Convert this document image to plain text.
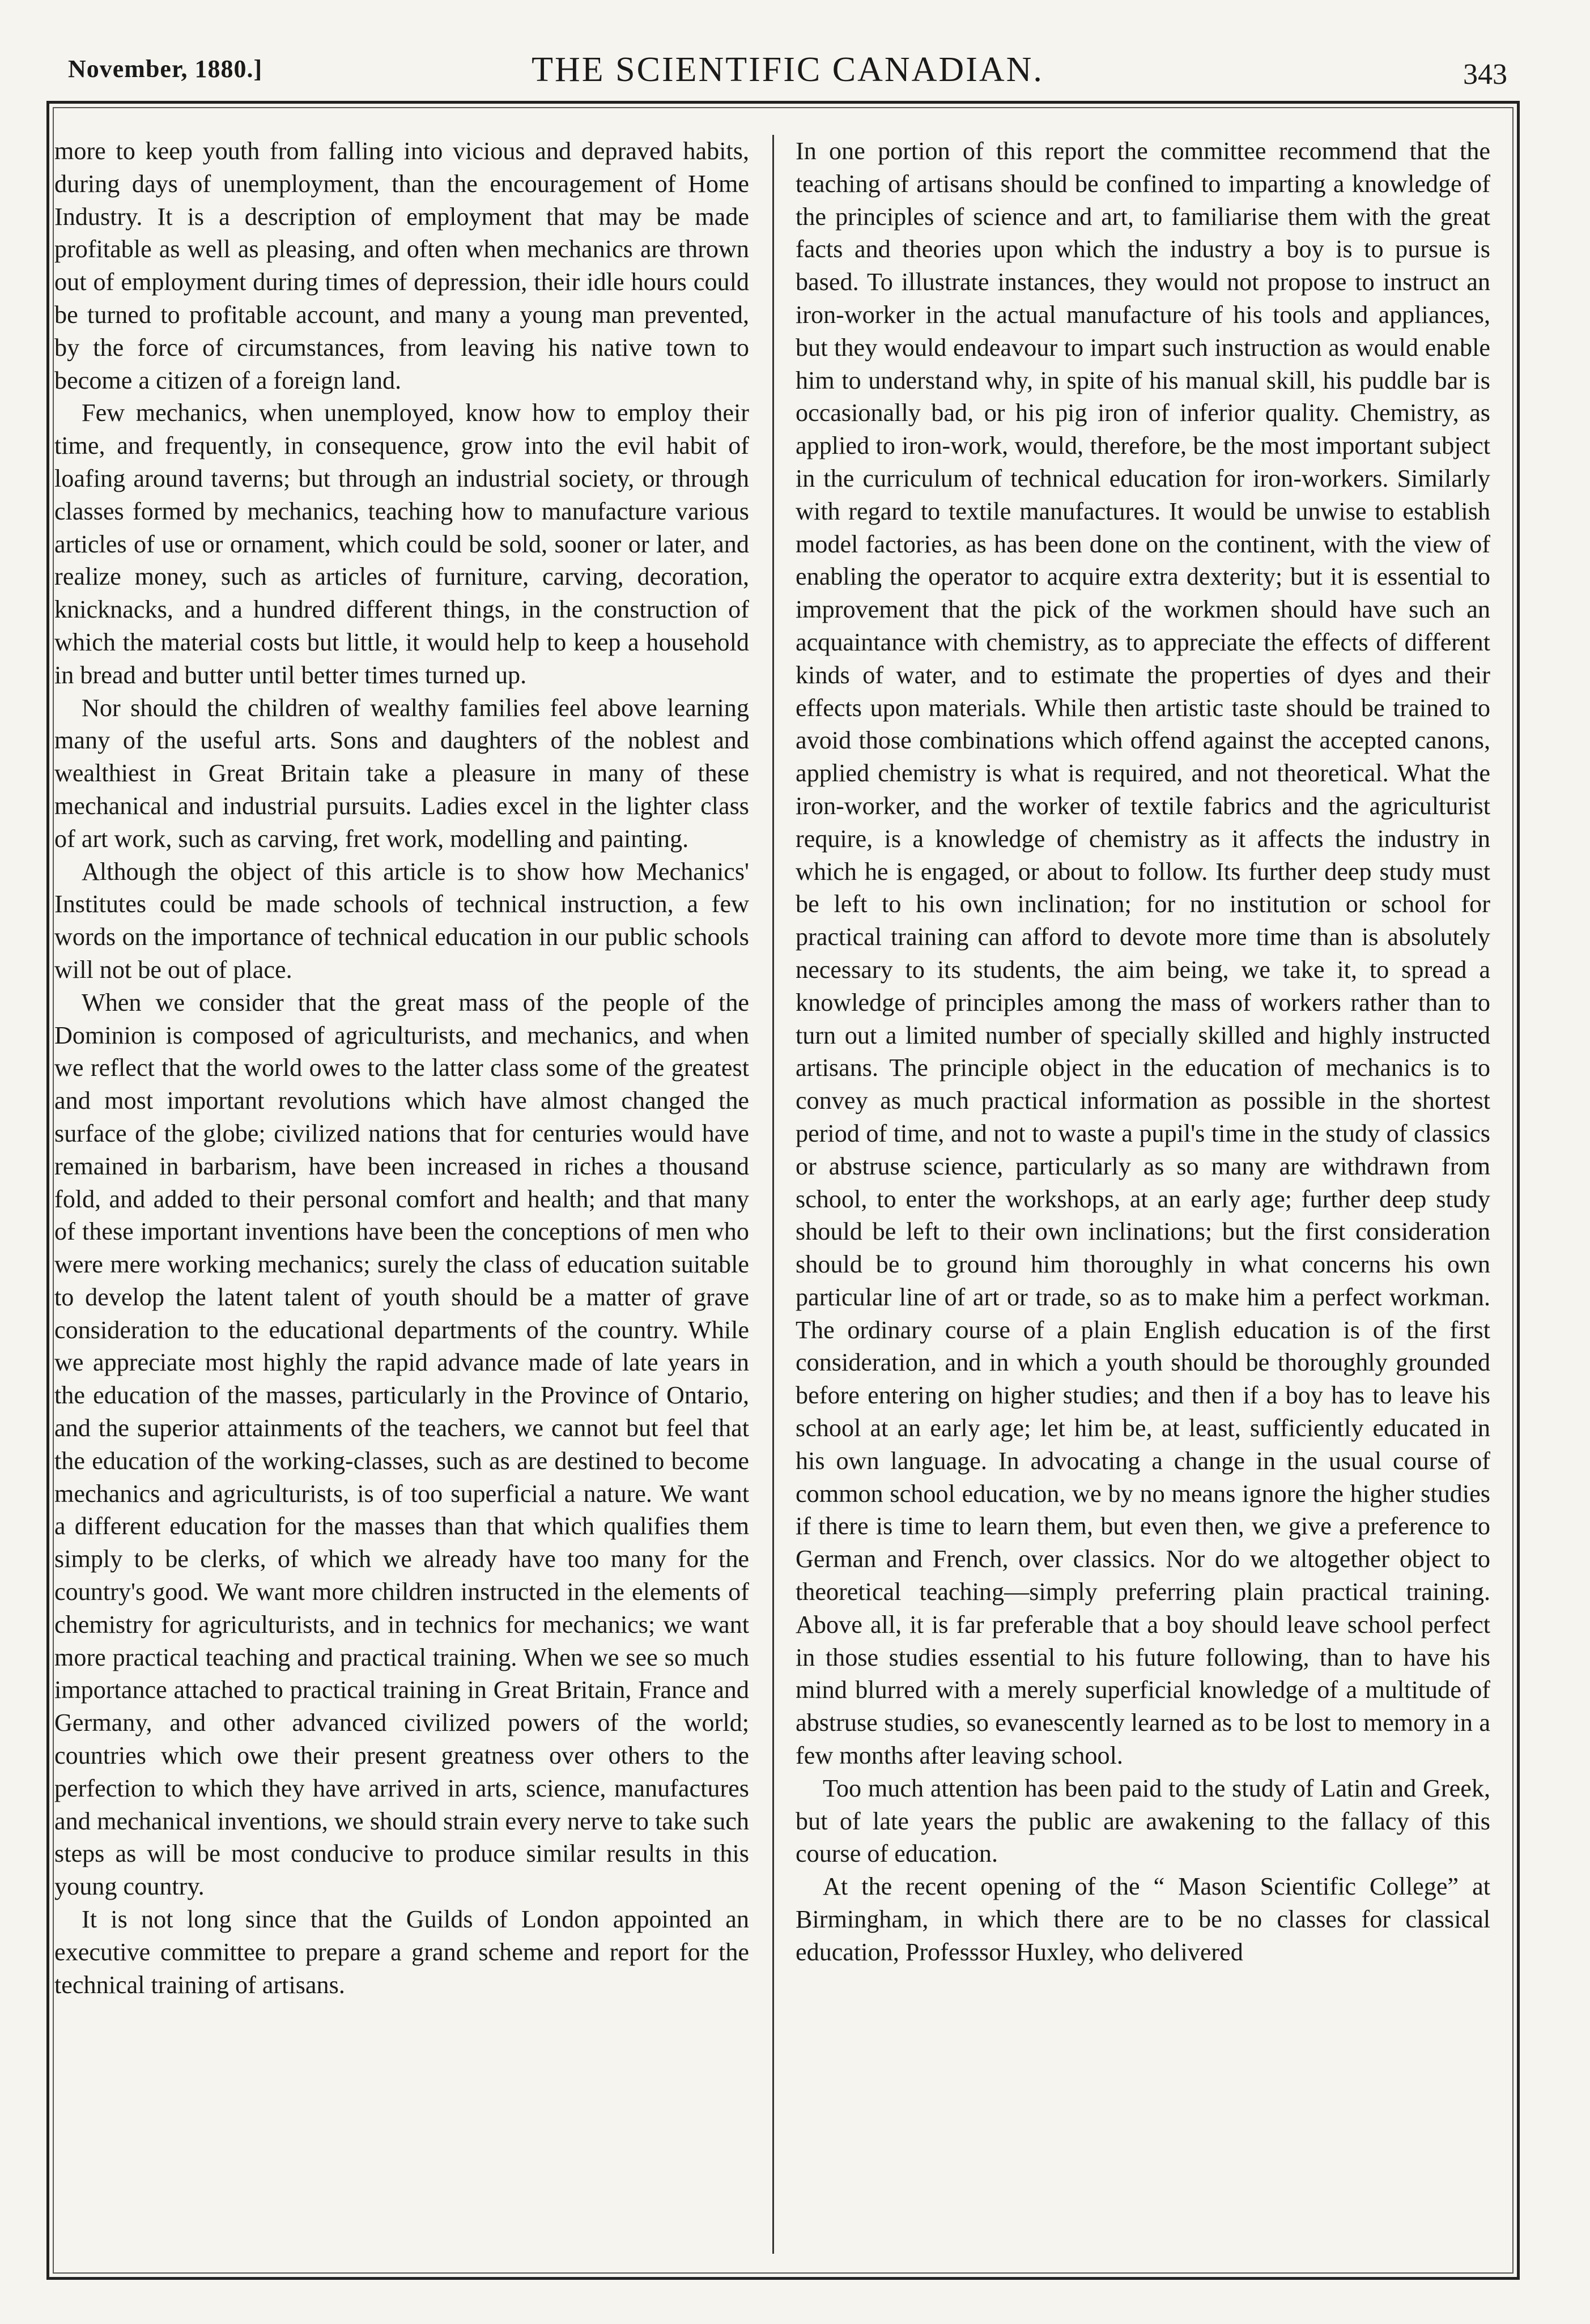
November, 1880.]	THE SCIENTIFIC CANADIAN.	343

more to keep youth from falling into vicious and depraved habits, during days of unemployment, than the encouragement of Home Industry. It is a description of employment that may be made profitable as well as pleasing, and often when mechanics are thrown out of employment during times of depression, their idle hours could be turned to profitable account, and many a young man prevented, by the force of circumstances, from leaving his native town to become a citizen of a foreign land.

Few mechanics, when unemployed, know how to employ their time, and frequently, in consequence, grow into the evil habit of loafing around taverns; but through an industrial society, or through classes formed by mechanics, teaching how to manufacture various articles of use or ornament, which could be sold, sooner or later, and realize money, such as articles of furniture, carving, decoration, knicknacks, and a hundred different things, in the construction of which the material costs but little, it would help to keep a household in bread and butter until better times turned up.

Nor should the children of wealthy families feel above learning many of the useful arts. Sons and daughters of the noblest and wealthiest in Great Britain take a pleasure in many of these mechanical and industrial pursuits. Ladies excel in the lighter class of art work, such as carving, fret work, modelling and painting.

Although the object of this article is to show how Mechanics' Institutes could be made schools of technical instruction, a few words on the importance of technical education in our public schools will not be out of place.

When we consider that the great mass of the people of the Dominion is composed of agriculturists, and mechanics, and when we reflect that the world owes to the latter class some of the greatest and most important revolutions which have almost changed the surface of the globe; civilized nations that for centuries would have remained in barbarism, have been increased in riches a thousand fold, and added to their personal comfort and health; and that many of these important inventions have been the conceptions of men who were mere working mechanics; surely the class of education suitable to develop the latent talent of youth should be a matter of grave consideration to the educational departments of the country. While we appreciate most highly the rapid advance made of late years in the education of the masses, particularly in the Province of Ontario, and the superior attainments of the teachers, we cannot but feel that the education of the working-classes, such as are destined to become mechanics and agriculturists, is of too superficial a nature. We want a different education for the masses than that which qualifies them simply to be clerks, of which we already have too many for the country's good. We want more children instructed in the elements of chemistry for agriculturists, and in technics for mechanics; we want more practical teaching and practical training. When we see so much importance attached to practical training in Great Britain, France and Germany, and other advanced civilized powers of the world; countries which owe their present greatness over others to the perfection to which they have arrived in arts, science, manufactures and mechanical inventions, we should strain every nerve to take such steps as will be most conducive to produce similar results in this young country.

It is not long since that the Guilds of London appointed an executive committee to prepare a grand scheme and report for the technical training of artisans.

In one portion of this report the committee recommend that the teaching of artisans should be confined to imparting a knowledge of the principles of science and art, to familiarise them with the great facts and theories upon which the industry a boy is to pursue is based. To illustrate instances, they would not propose to instruct an iron-worker in the actual manufacture of his tools and appliances, but they would endeavour to impart such instruction as would enable him to understand why, in spite of his manual skill, his puddle bar is occasionally bad, or his pig iron of inferior quality. Chemistry, as applied to iron-work, would, therefore, be the most important subject in the curriculum of technical education for iron-workers. Similarly with regard to textile manufactures. It would be unwise to establish model factories, as has been done on the continent, with the view of enabling the operator to acquire extra dexterity; but it is essential to improvement that the pick of the workmen should have such an acquaintance with chemistry, as to appreciate the effects of different kinds of water, and to estimate the properties of dyes and their effects upon materials. While then artistic taste should be trained to avoid those combinations which offend against the accepted canons, applied chemistry is what is required, and not theoretical. What the iron-worker, and the worker of textile fabrics and the agriculturist require, is a knowledge of chemistry as it affects the industry in which he is engaged, or about to follow. Its further deep study must be left to his own inclination; for no institution or school for practical training can afford to devote more time than is absolutely necessary to its students, the aim being, we take it, to spread a knowledge of principles among the mass of workers rather than to turn out a limited number of specially skilled and highly instructed artisans. The principle object in the education of mechanics is to convey as much practical information as possible in the shortest period of time, and not to waste a pupil's time in the study of classics or abstruse science, particularly as so many are withdrawn from school, to enter the workshops, at an early age; further deep study should be left to their own inclinations; but the first consideration should be to ground him thoroughly in what concerns his own particular line of art or trade, so as to make him a perfect workman. The ordinary course of a plain English education is of the first consideration, and in which a youth should be thoroughly grounded before entering on higher studies; and then if a boy has to leave his school at an early age; let him be, at least, sufficiently educated in his own language. In advocating a change in the usual course of common school education, we by no means ignore the higher studies if there is time to learn them, but even then, we give a preference to German and French, over classics. Nor do we altogether object to theoretical teaching—simply preferring plain practical training. Above all, it is far preferable that a boy should leave school perfect in those studies essential to his future following, than to have his mind blurred with a merely superficial knowledge of a multitude of abstruse studies, so evanescently learned as to be lost to memory in a few months after leaving school.

Too much attention has been paid to the study of Latin and Greek, but of late years the public are awakening to the fallacy of this course of education.

At the recent opening of the “ Mason Scientific College” at Birmingham, in which there are to be no classes for classical education, Professsor Huxley, who delivered
